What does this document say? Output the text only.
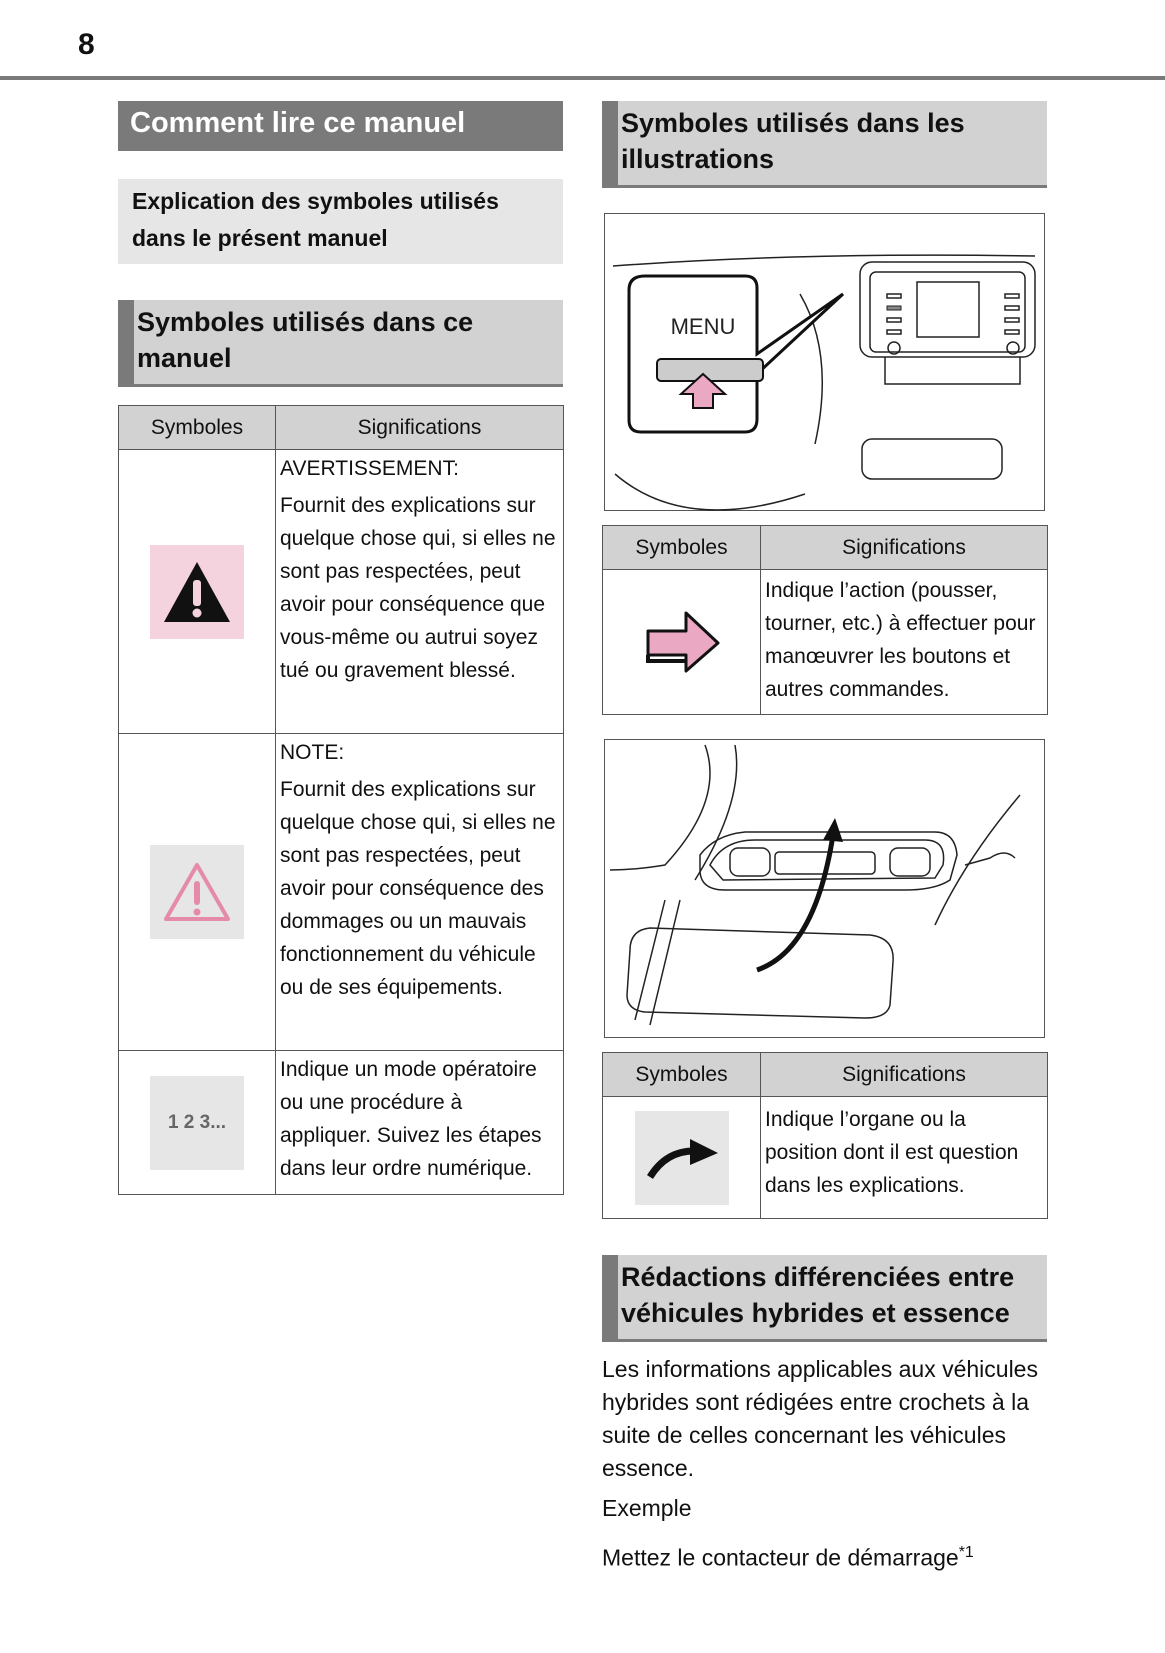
8
Comment lire ce manuel
Explication des symboles utilisés dans le présent manuel
Symboles utilisés dans ce manuel
Symboles	Significations

AVERTISSEMENT:
Fournit des explications sur quelque chose qui, si elles ne sont pas respectées, peut avoir pour conséquence que vous-même ou autrui soyez tué ou gravement blessé.

NOTE:
Fournit des explications sur quelque chose qui, si elles ne sont pas respectées, peut avoir pour conséquence des dommages ou un mauvais fonctionnement du véhicule ou de ses équipements.

1 2 3...	Indique un mode opératoire ou une procédure à appliquer. Suivez les étapes dans leur ordre numérique.
Symboles utilisés dans les illustrations
MENU
Symboles	Significations

Indique l’action (pousser, tourner, etc.) à effectuer pour manœuvrer les boutons et autres commandes.
Symboles	Significations

Indique l’organe ou la position dont il est question dans les explications.
Rédactions différenciées entre véhicules hybrides et essence
Les informations applicables aux véhicules hybrides sont rédigées entre crochets à la suite de celles concernant les véhicules essence.
Exemple
Mettez le contacteur de démarrage$^{*1}$
